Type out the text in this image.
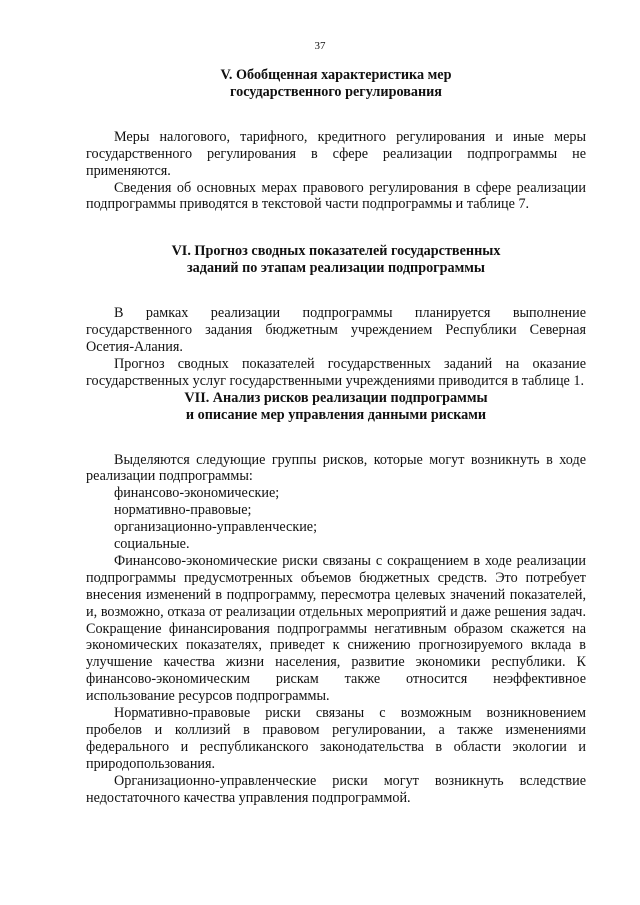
37
V. Обобщенная характеристика мер
государственного регулирования

Меры налогового, тарифного, кредитного регулирования и иные меры государственного регулирования в сфере реализации подпрограммы не применяются.

Сведения об основных мерах правового регулирования в сфере реализации подпрограммы приводятся в текстовой части подпрограммы и таблице 7.

VI. Прогноз сводных показателей государственных
заданий по этапам реализации подпрограммы

В рамках реализации подпрограммы планируется выполнение государственного задания бюджетным учреждением Республики Северная Осетия-Алания.

Прогноз сводных показателей государственных заданий на оказание государственных услуг государственными учреждениями приводится в таблице 1.

VII. Анализ рисков реализации подпрограммы
и описание мер управления данными рисками

Выделяются следующие группы рисков, которые могут возникнуть в ходе реализации подпрограммы:

финансово-экономические;

нормативно-правовые;

организационно-управленческие;

социальные.

Финансово-экономические риски связаны с сокращением в ходе реализации подпрограммы предусмотренных объемов бюджетных средств. Это потребует внесения изменений в подпрограмму, пересмотра целевых значений показателей, и, возможно, отказа от реализации отдельных мероприятий и даже решения задач. Сокращение финансирования подпрограммы негативным образом скажется на экономических показателях, приведет к снижению прогнозируемого вклада в улучшение качества жизни населения, развитие экономики республики. К финансово-экономическим рискам также относится неэффективное использование ресурсов подпрограммы.

Нормативно-правовые риски связаны с возможным возникновением пробелов и коллизий в правовом регулировании, а также изменениями федерального и республиканского законодательства в области экологии и природопользования.

Организационно-управленческие риски могут возникнуть вследствие недостаточного качества управления подпрограммой.
